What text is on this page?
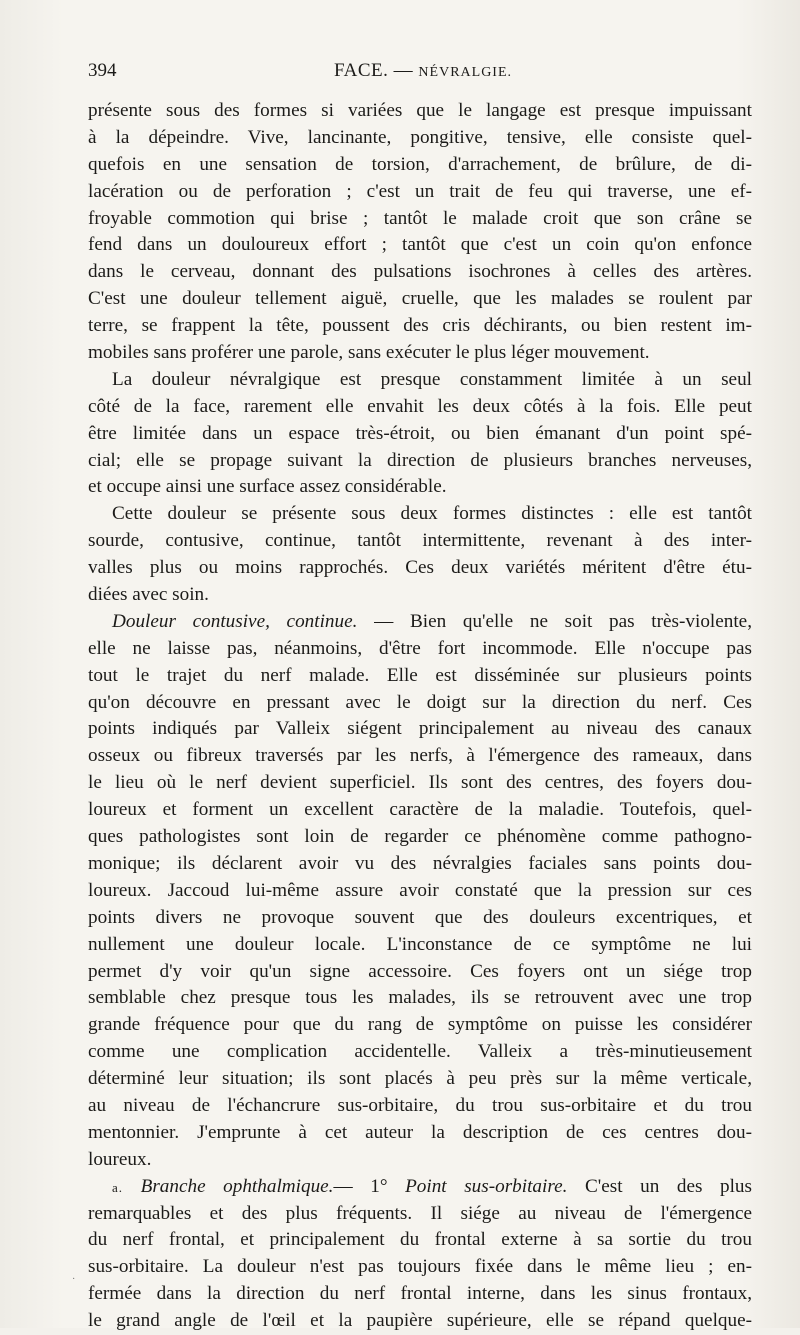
394	FACE. — NÉVRALGIE.
présente sous des formes si variées que le langage est presque impuissant
à la dépeindre. Vive, lancinante, pongitive, tensive, elle consiste quel-
quefois en une sensation de torsion, d'arrachement, de brûlure, de di-
lacération ou de perforation ; c'est un trait de feu qui traverse, une ef-
froyable commotion qui brise ; tantôt le malade croit que son crâne se
fend dans un douloureux effort ; tantôt que c'est un coin qu'on enfonce
dans le cerveau, donnant des pulsations isochrones à celles des artères.
C'est une douleur tellement aiguë, cruelle, que les malades se roulent par
terre, se frappent la tête, poussent des cris déchirants, ou bien restent im-
mobiles sans proférer une parole, sans exécuter le plus léger mouvement.
La douleur névralgique est presque constamment limitée à un seul
côté de la face, rarement elle envahit les deux côtés à la fois. Elle peut
être limitée dans un espace très-étroit, ou bien émanant d'un point spé-
cial; elle se propage suivant la direction de plusieurs branches nerveuses,
et occupe ainsi une surface assez considérable.
Cette douleur se présente sous deux formes distinctes : elle est tantôt
sourde, contusive, continue, tantôt intermittente, revenant à des inter-
valles plus ou moins rapprochés. Ces deux variétés méritent d'être étu-
diées avec soin.
Douleur contusive, continue. — Bien qu'elle ne soit pas très-violente,
elle ne laisse pas, néanmoins, d'être fort incommode. Elle n'occupe pas
tout le trajet du nerf malade. Elle est disséminée sur plusieurs points
qu'on découvre en pressant avec le doigt sur la direction du nerf. Ces
points indiqués par Valleix siégent principalement au niveau des canaux
osseux ou fibreux traversés par les nerfs, à l'émergence des rameaux, dans
le lieu où le nerf devient superficiel. Ils sont des centres, des foyers dou-
loureux et forment un excellent caractère de la maladie. Toutefois, quel-
ques pathologistes sont loin de regarder ce phénomène comme pathogno-
monique; ils déclarent avoir vu des névralgies faciales sans points dou-
loureux. Jaccoud lui-même assure avoir constaté que la pression sur ces
points divers ne provoque souvent que des douleurs excentriques, et
nullement une douleur locale. L'inconstance de ce symptôme ne lui
permet d'y voir qu'un signe accessoire. Ces foyers ont un siége trop
semblable chez presque tous les malades, ils se retrouvent avec une trop
grande fréquence pour que du rang de symptôme on puisse les considérer
comme une complication accidentelle. Valleix a très-minutieusement
déterminé leur situation; ils sont placés à peu près sur la même verticale,
au niveau de l'échancrure sus-orbitaire, du trou sus-orbitaire et du trou
mentonnier. J'emprunte à cet auteur la description de ces centres dou-
loureux.
a. Branche ophthalmique.— 1° Point sus-orbitaire. C'est un des plus
remarquables et des plus fréquents. Il siége au niveau de l'émergence
du nerf frontal, et principalement du frontal externe à sa sortie du trou
sus-orbitaire. La douleur n'est pas toujours fixée dans le même lieu ; en-
fermée dans la direction du nerf frontal interne, dans les sinus frontaux,
le grand angle de l'œil et la paupière supérieure, elle se répand quelque-
·
